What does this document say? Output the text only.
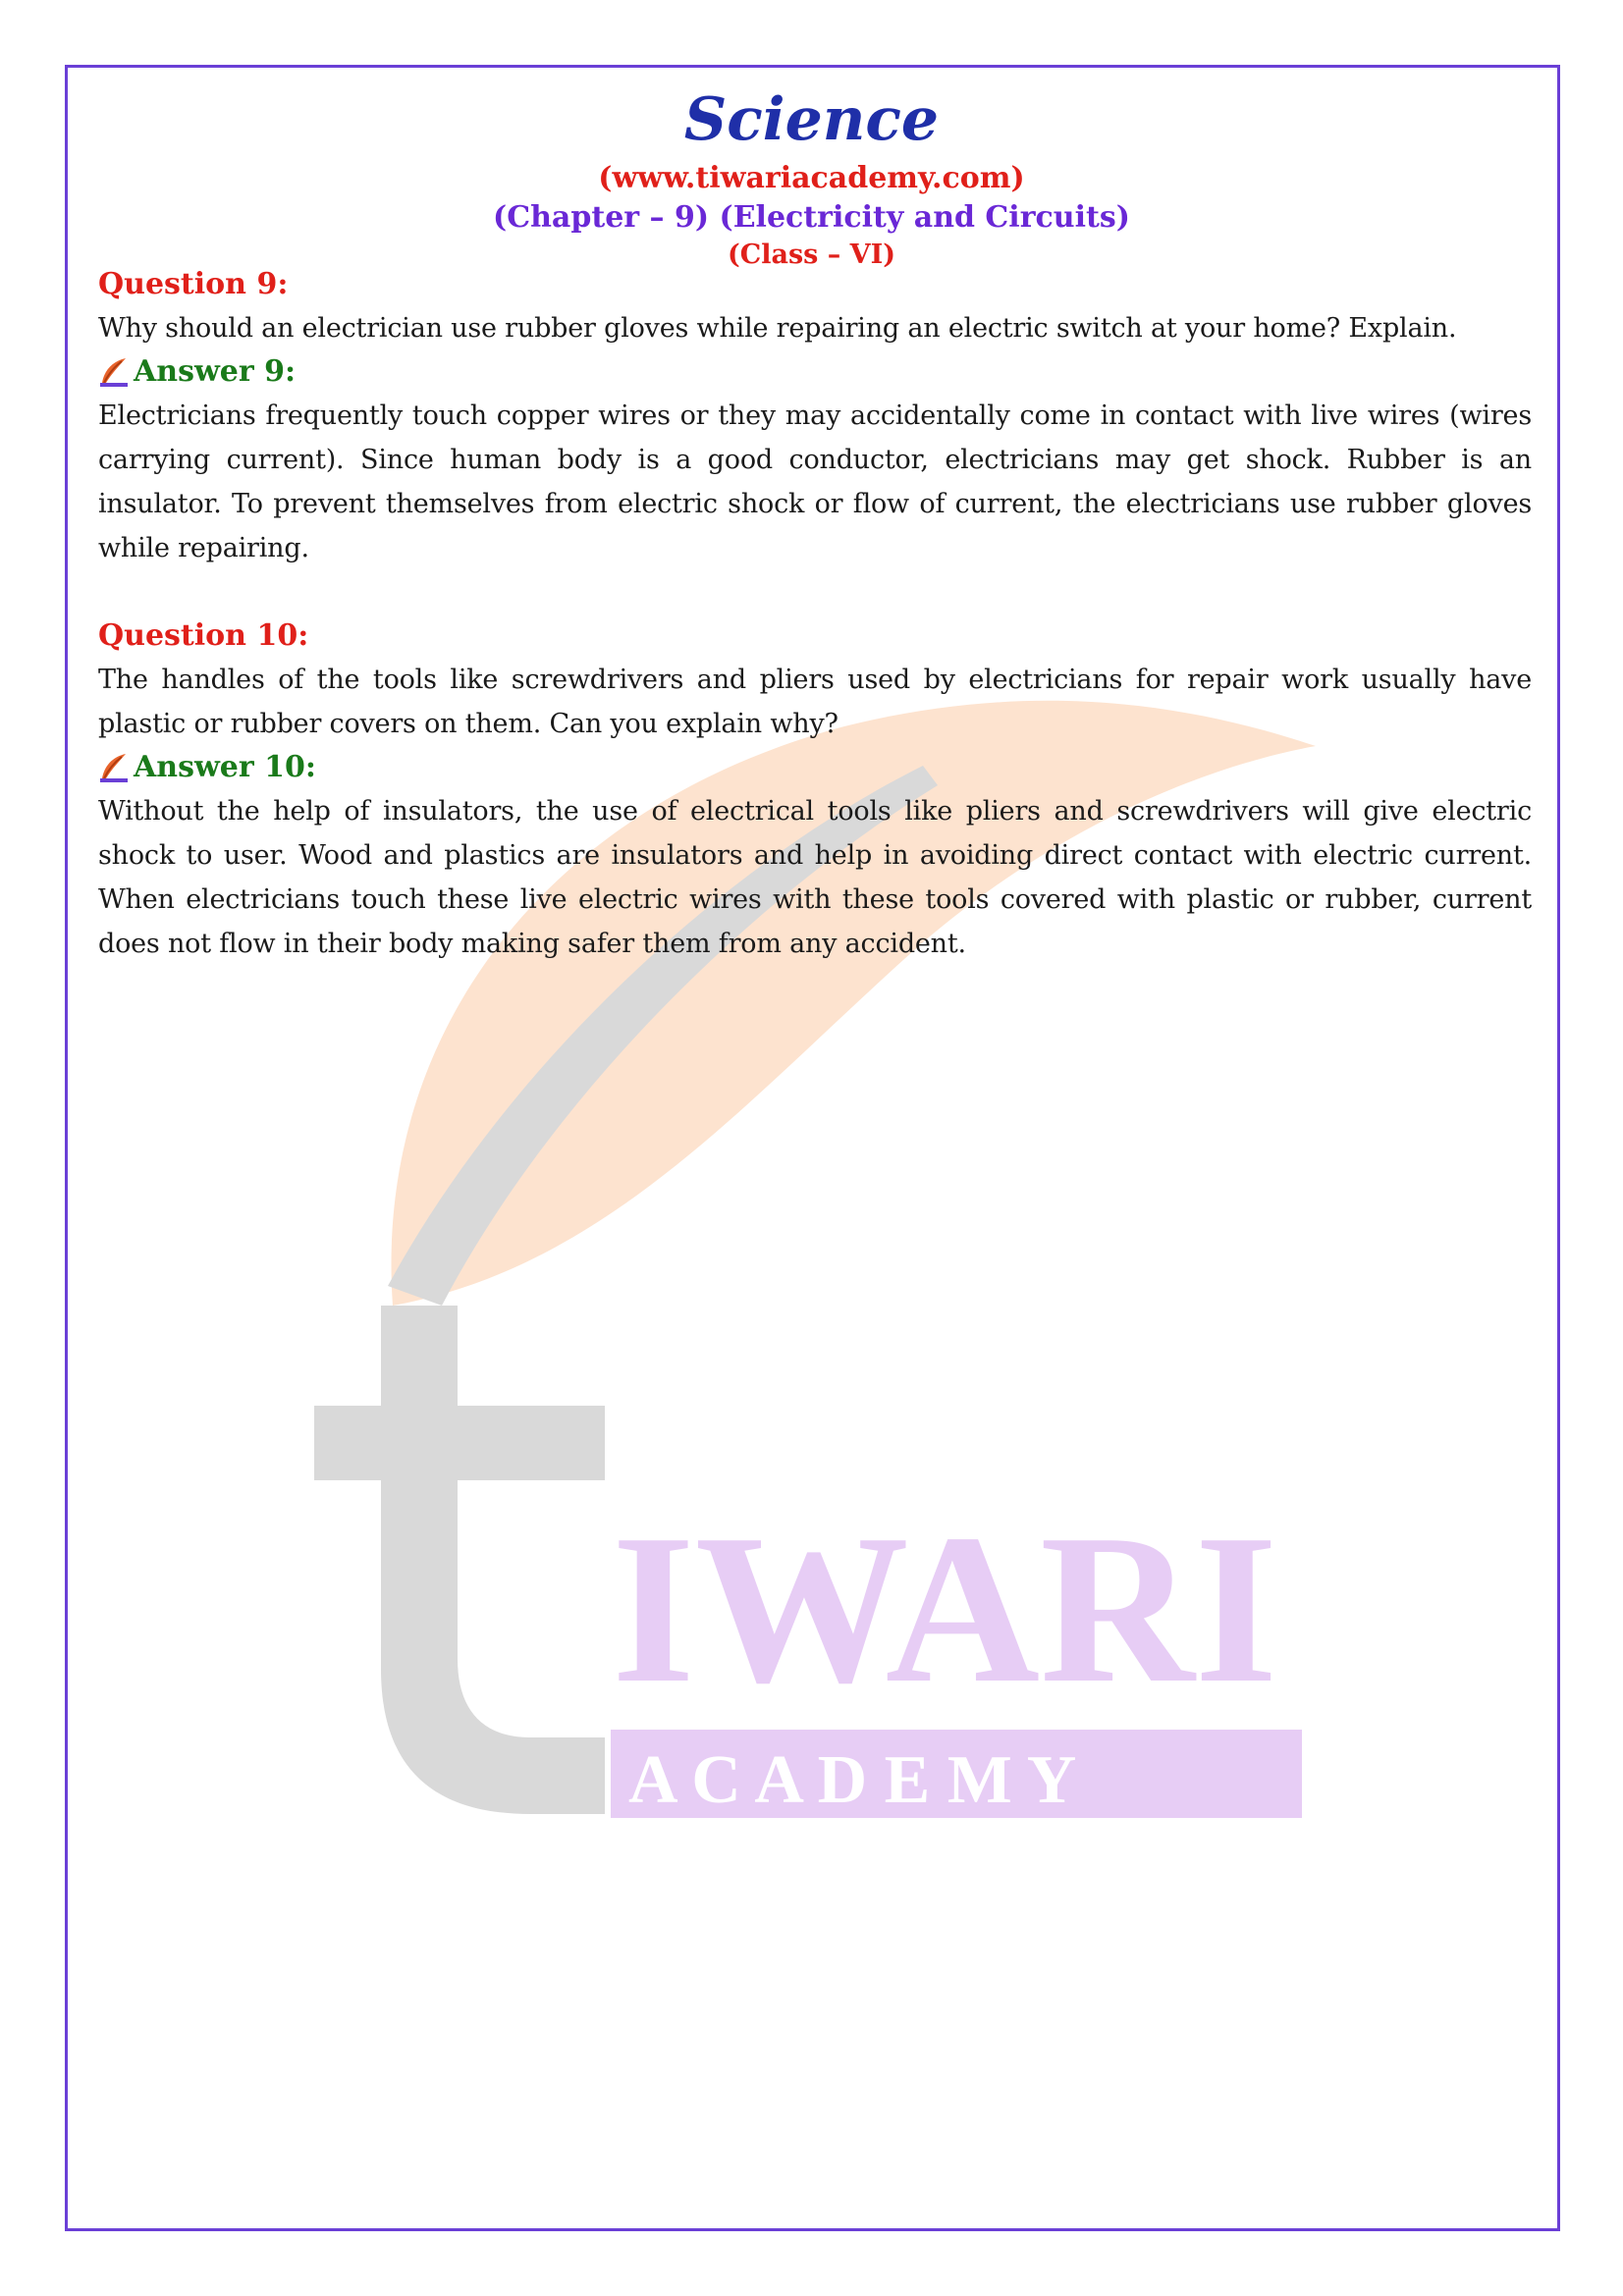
IWARI
A C A D E M Y
Science
(www.tiwariacademy.com)
(Chapter – 9) (Electricity and Circuits)
(Class – VI)
Question 9:
Why should an electrician use rubber gloves while repairing an electric switch at your home? Explain.
Answer 9:
Electricians frequently touch copper wires or they may accidentally come in contact with live wires (wires carrying current). Since human body is a good conductor, electricians may get shock. Rubber is an insulator. To prevent themselves from electric shock or flow of current, the electricians use rubber gloves while repairing.
Question 10:
The handles of the tools like screwdrivers and pliers used by electricians for repair work usually have plastic or rubber covers on them. Can you explain why?
Answer 10:
Without the help of insulators, the use of electrical tools like pliers and screwdrivers will give electric shock to user. Wood and plastics are insulators and help in avoiding direct contact with electric current. When electricians touch these live electric wires with these tools covered with plastic or rubber, current does not flow in their body making safer them from any accident.
